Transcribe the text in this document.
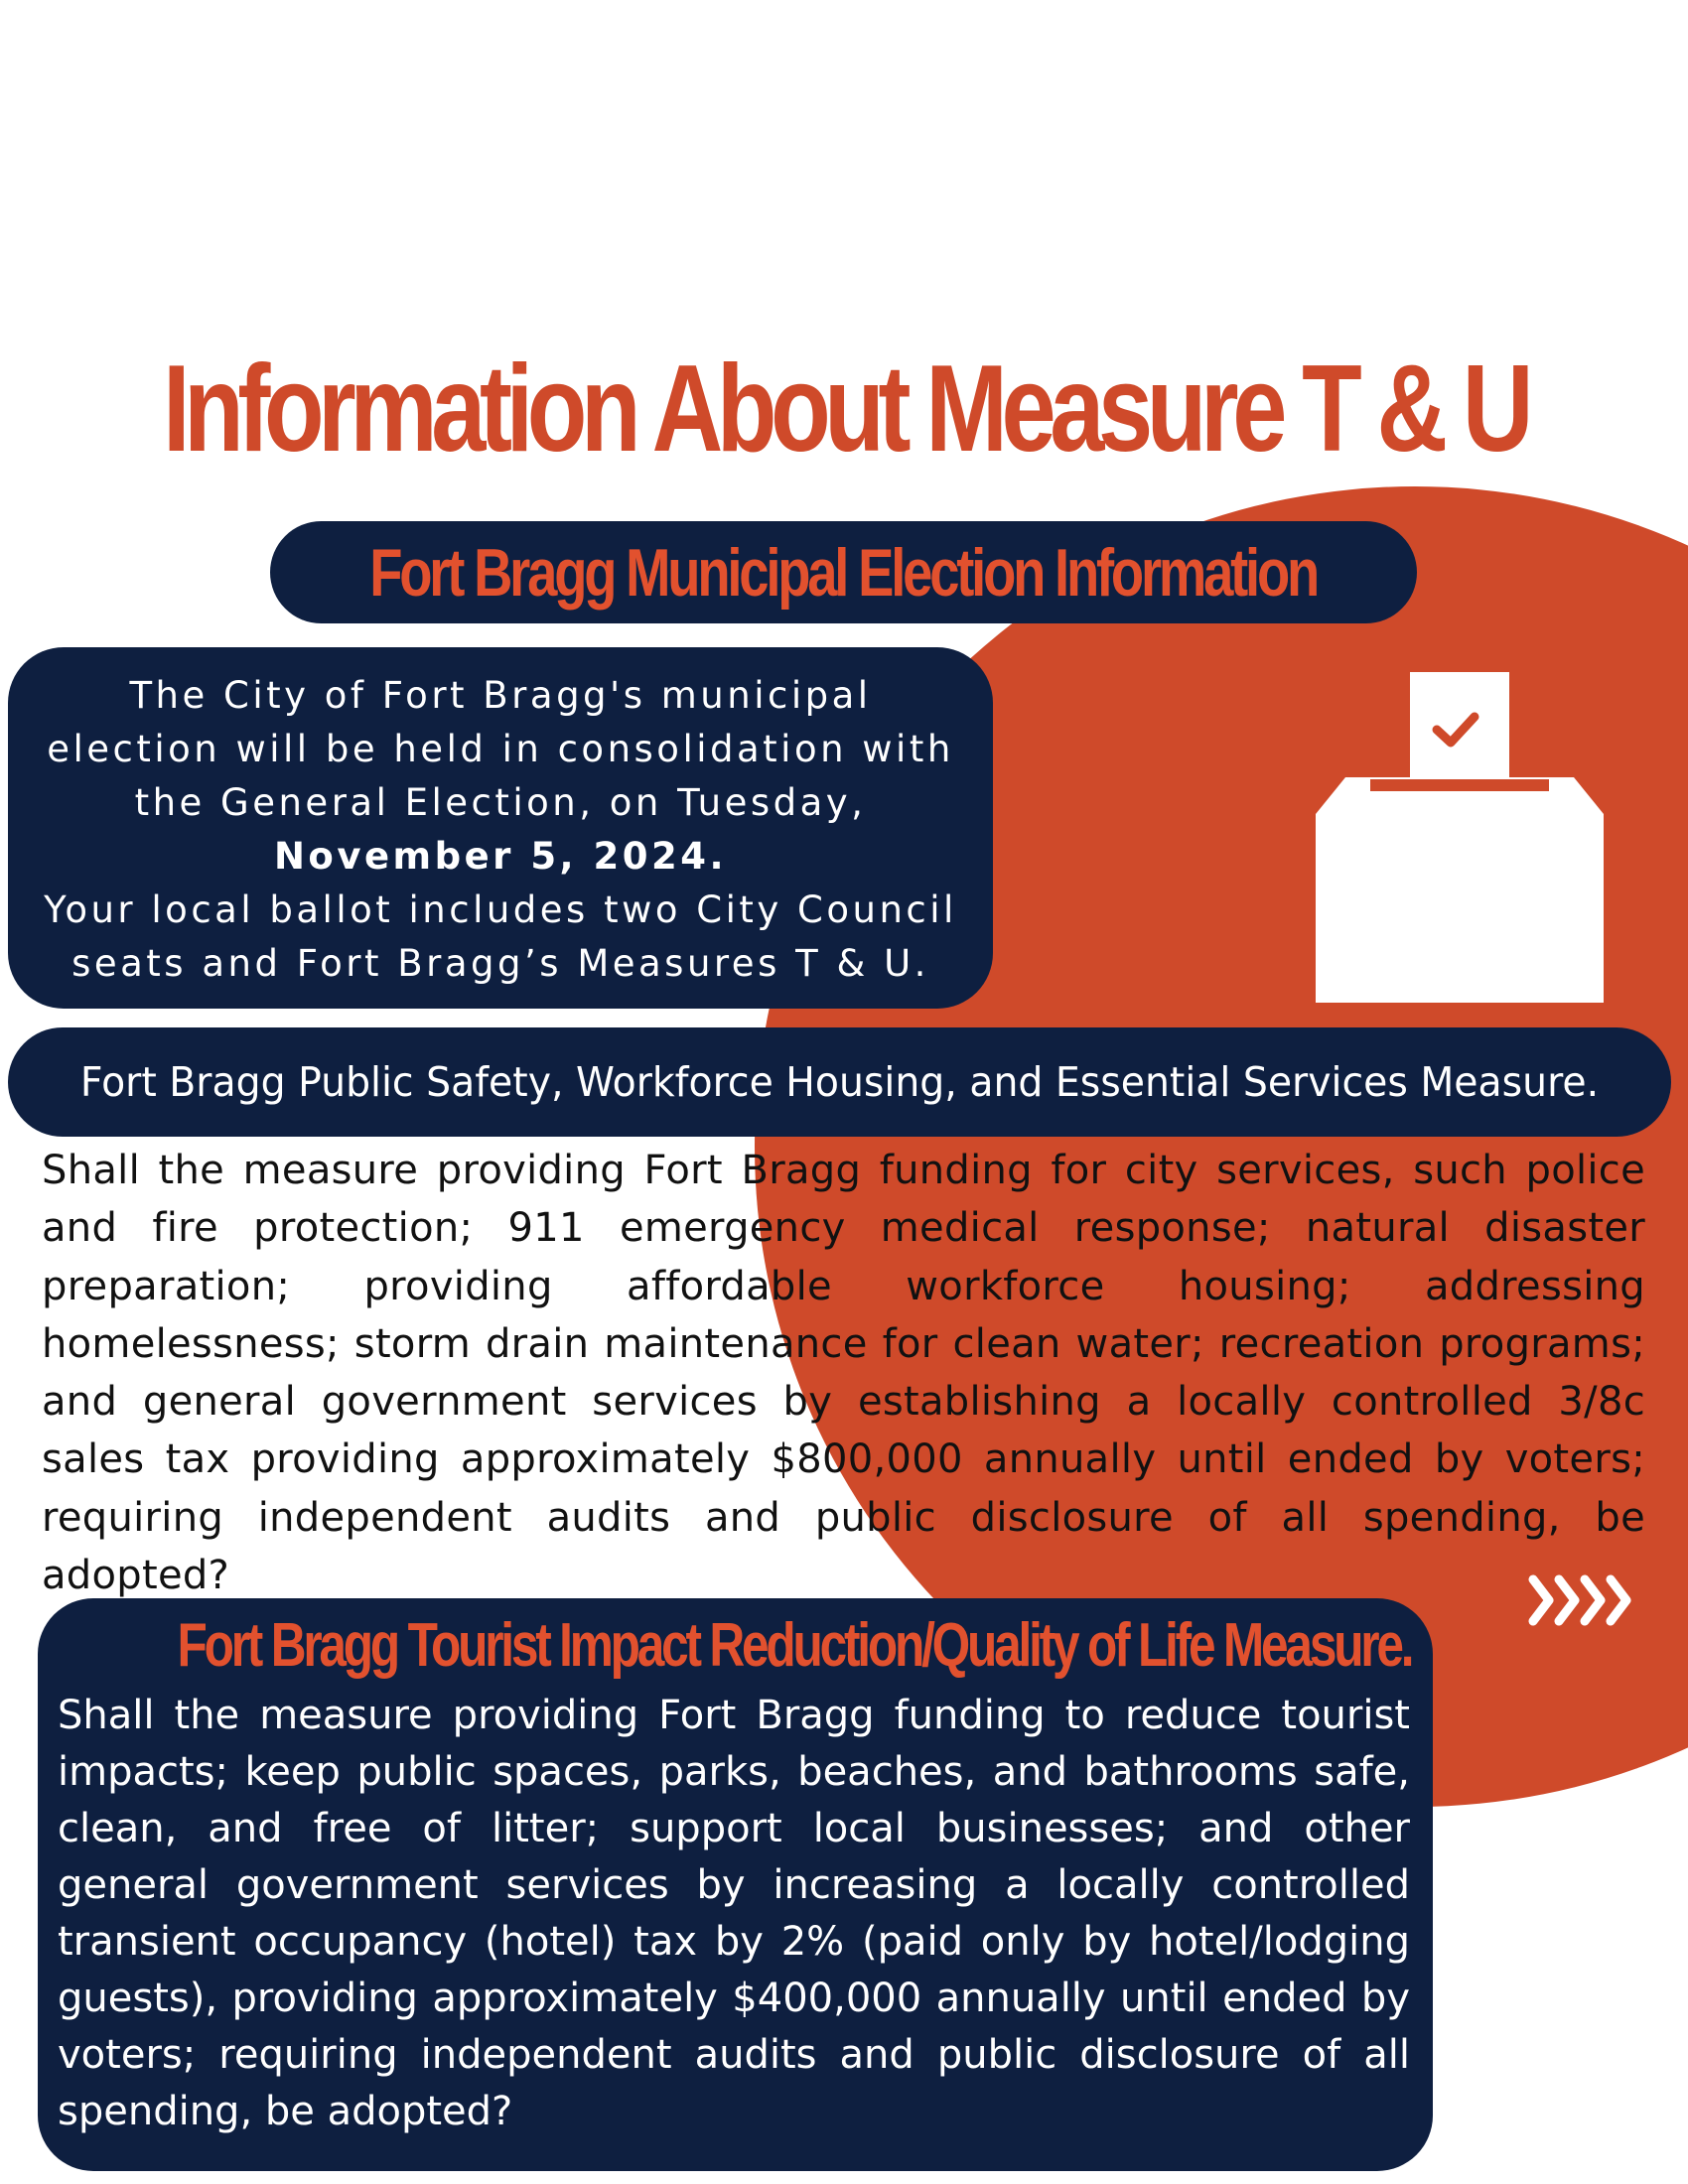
Information About Measure T & U
Fort Bragg Municipal Election Information

The City of Fort Bragg's municipal

election will be held in consolidation with

the General Election, on Tuesday,

November 5, 2024.

Your local ballot includes two City Council

seats and Fort Bragg’s Measures T & U.

Fort Bragg Public Safety, Workforce Housing, and Essential Services Measure.

Shall the measure providing Fort Bragg funding for city services, such police and fire protection; 911 emergency medical response; natural disaster preparation; providing affordable workforce housing; addressing homelessness; storm drain maintenance for clean water; recreation programs; and general government services by establishing a locally controlled 3/8c sales tax providing approximately $800,000 annually until ended by voters; requiring independent audits and public disclosure of all spending, be adopted?

Fort Bragg Tourist Impact Reduction/Quality of Life Measure.

Shall the measure providing Fort Bragg funding to reduce tourist impacts; keep public spaces, parks, beaches, and bathrooms safe, clean, and free of litter; support local businesses; and other general government services by increasing a locally controlled transient occupancy (hotel) tax by 2% (paid only by hotel/lodging guests), providing approximately $400,000 annually until ended by voters; requiring independent audits and public disclosure of all spending, be adopted?
